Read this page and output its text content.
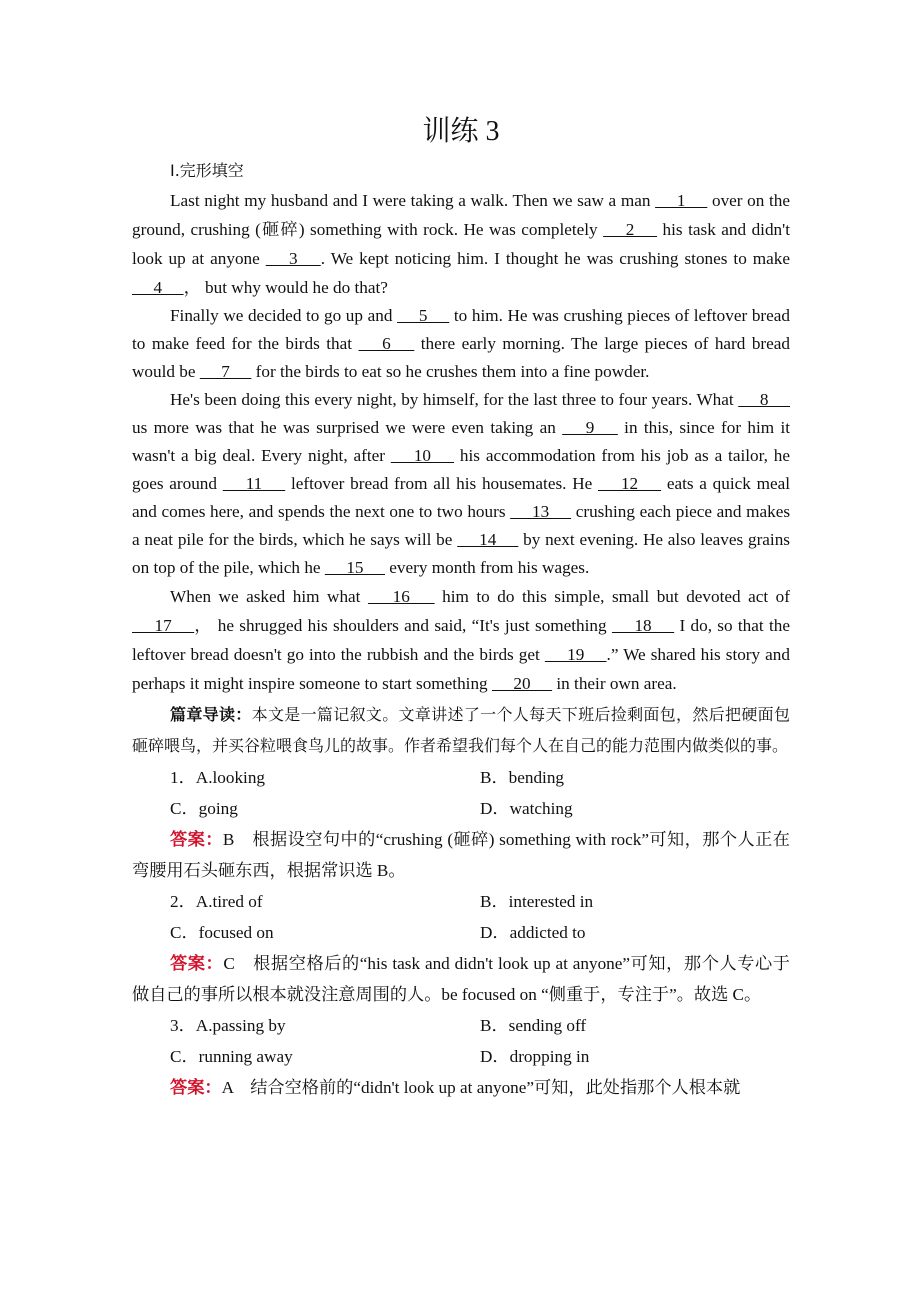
训练 3
Ⅰ.完形填空

Last night my husband and I were taking a walk. Then we saw a man  __1__  over on the ground, crushing (砸碎) something with rock. He was completely  __2__  his task and didn't look up at anyone  __3__ . We kept noticing him. I thought he was crushing stones to make  __4__ ， but why would he do that?

Finally we decided to go up and  __5__  to him. He was crushing pieces of leftover bread to make feed for the birds that  __6__  there early morning. The large pieces of hard bread would be  __7__  for the birds to eat so he crushes them into a fine powder.

He's been doing this every night, by himself, for the last three to four years. What  __8__  us more was that he was surprised we were even taking an  __9__  in this, since for him it wasn't a big deal. Every night, after  __10__  his accommodation from his job as a tailor, he goes around  __11__  leftover bread from all his housemates. He  __12__  eats a quick meal and comes here, and spends the next one to two hours  __13__  crushing each piece and makes a neat pile for the birds, which he says will be  __14__  by next evening. He also leaves grains on top of the pile, which he  __15__  every month from his wages.

When we asked him what  __16__  him to do this simple, small but devoted act of  __17__ ， he shrugged his shoulders and said, “It's just something  __18__  I do, so that the leftover bread doesn't go into the rubbish and the birds get  __19__ .” We shared his story and perhaps it might inspire someone to start something  __20__  in their own area.

篇章导读：本文是一篇记叙文。文章讲述了一个人每天下班后捡剩面包，然后把硬面包砸碎喂鸟，并买谷粒喂食鸟儿的故事。作者希望我们每个人在自己的能力范围内做类似的事。

1．A.looking	B．bending
C．going	D．watching

答案：B　根据设空句中的“crushing (砸碎) something with rock”可知，那个人正在弯腰用石头砸东西，根据常识选 B。

2．A.tired of	B．interested in
C．focused on	D．addicted to

答案：C　根据空格后的“his task and didn't look up at anyone”可知，那个人专心于做自己的事所以根本就没注意周围的人。be focused on “侧重于，专注于”。故选 C。

3．A.passing by	B．sending off
C．running away	D．dropping in

答案：A　结合空格前的“didn't look up at anyone”可知，此处指那个人根本就
